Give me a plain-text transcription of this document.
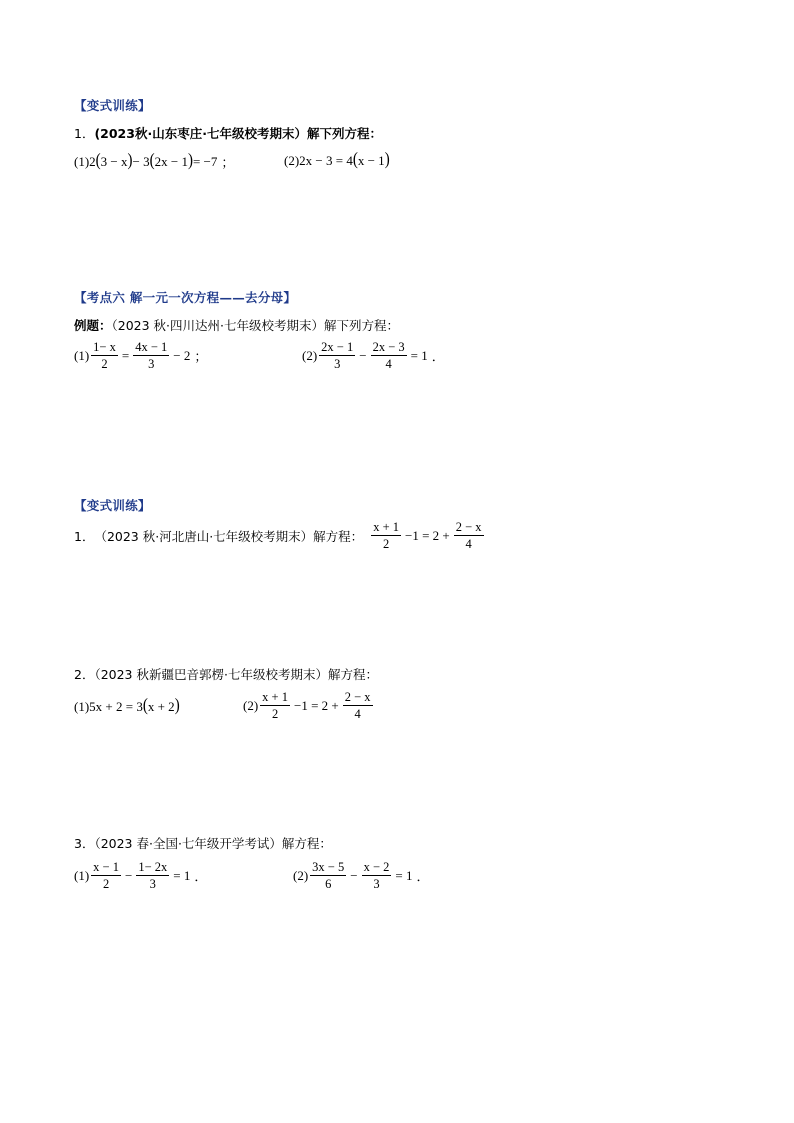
【变式训练】
1．(2023秋·山东枣庄·七年级校考期末）解下列方程：
(1) 2 ( 3 − x ) − 3 ( 2x − 1 ) = −7 ；	(2) 2x − 3 = 4 ( x − 1 )
【考点六 解一元一次方程——去分母】
例题：（2023 秋·四川达州·七年级校考期末）解下列方程：
$(1) \frac{1- x}{2} = \frac{4x - 1}{3} - 2$ ；	$(2) \frac{2x - 1}{3} - \frac{2x - 3}{4} = 1$ ．
【变式训练】
1． （2023 秋·河北唐山·七年级校考期末）解方程： $\frac{x + 1}{2} -1 = 2 + \frac{2 - x}{4}$
2．（2023 秋新疆巴音郭楞·七年级校考期末）解方程：
(1) 5x + 2 = 3 ( x + 2 )	$(2) \frac{x + 1}{2} -1 = 2 + \frac{2 - x}{4}$
3．（2023 春·全国·七年级开学考试）解方程：
$(1) \frac{x - 1}{2} - \frac{1- 2x}{3} = 1$ ．	$(2) \frac{3x - 5}{6} - \frac{x - 2}{3} = 1$ ．
